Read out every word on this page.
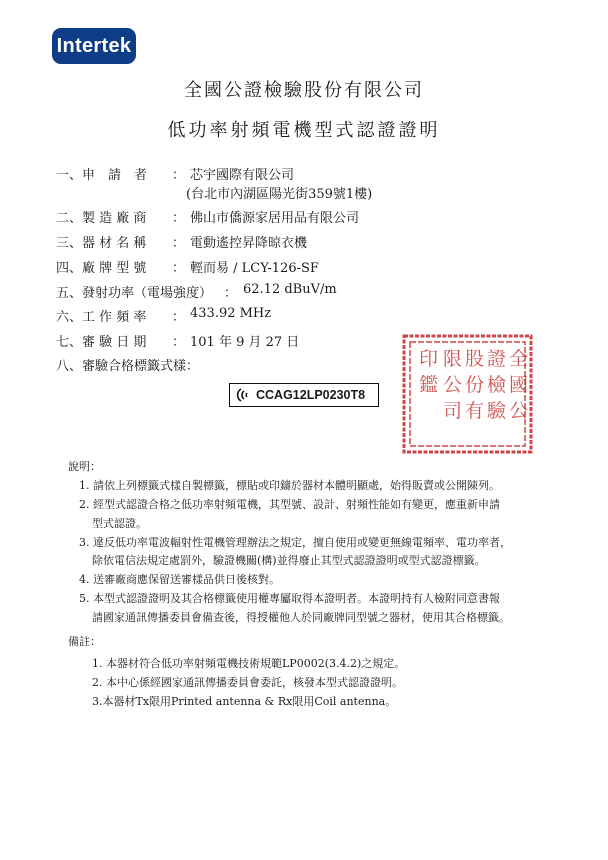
Intertek
全國公證檢驗股份有限公司
低功率射頻電機型式認證證明
一、申　請　者 ： 芯宇國際有限公司
(台北市內湖區陽光街359號1樓)
二、製 造 廠 商 ： 佛山市僑源家居用品有限公司
三、器 材 名 稱 ： 電動遙控昇降晾衣機
四、廠 牌 型 號 ： 輕而易 / LCY-126-SF
五、發射功率（電場強度） ： 62.12 dBuV/m
六、工 作 頻 率 ： 433.92 MHz
七、審 驗 日 期 ： 101 年 9 月 27 日
八、審驗合格標籤式樣：
CCAG12LP0230T8
全國公
證檢驗
股份有
限公司
印鑑
說明：
1. 請依上列標籤式樣自製標籤，標貼或印鑄於器材本體明顯處，始得販賣或公開陳列。
2. 經型式認證合格之低功率射頻電機，其型號、設計、射頻性能如有變更，應重新申請
型式認證。
3. 違反低功率電波輻射性電機管理辦法之規定，擅自使用或變更無線電頻率、電功率者，
除依電信法規定處罰外，驗證機關(構)並得廢止其型式認證證明或型式認證標籤。
4. 送審廠商應保留送審樣品供日後核對。
5. 本型式認證證明及其合格標籤使用權專屬取得本證明者。本證明持有人檢附同意書報
請國家通訊傳播委員會備查後，得授權他人於同廠牌同型號之器材，使用其合格標籤。
備註：
1. 本器材符合低功率射頻電機技術規範LP0002(3.4.2)之規定。
2. 本中心係經國家通訊傳播委員會委託，核發本型式認證證明。
3.本器材Tx限用Printed antenna & Rx限用Coil antenna。
